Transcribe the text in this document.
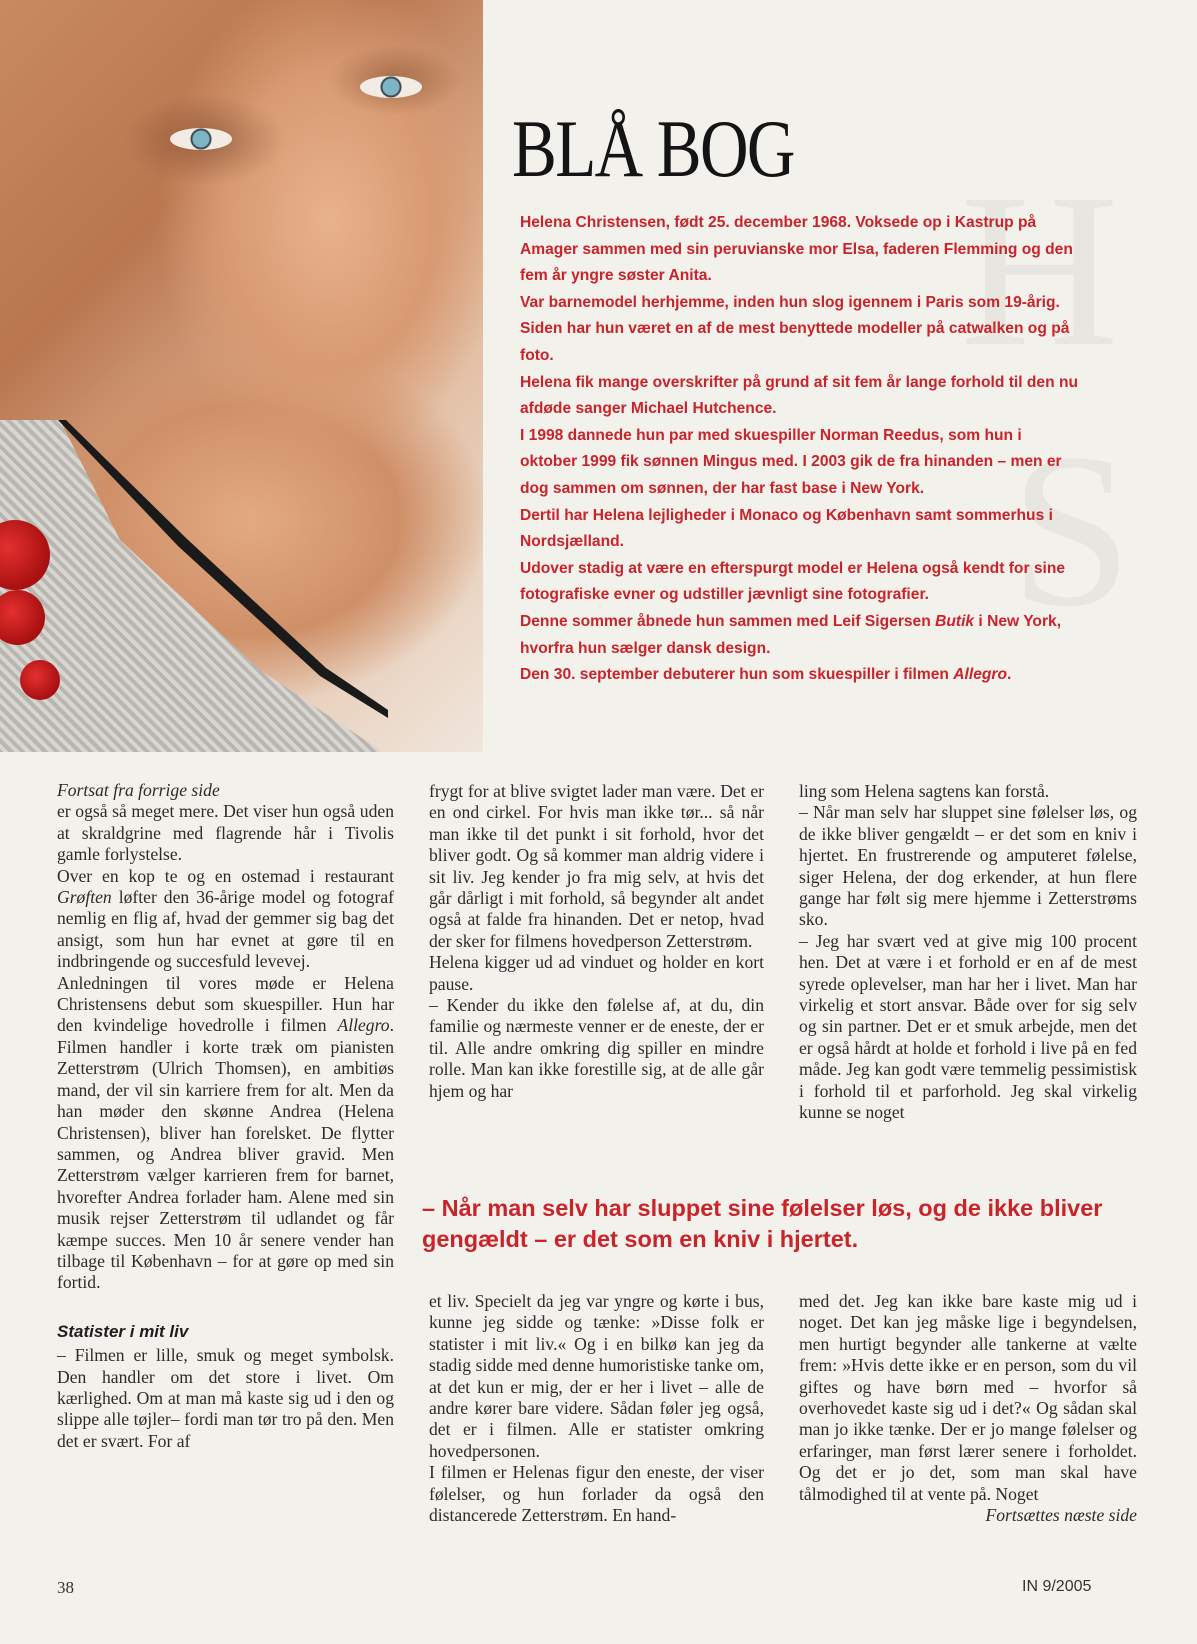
BLÅ BOG

Helena Christensen, født 25. december 1968. Voksede op i Kastrup på Amager sammen med sin peruvianske mor Elsa, faderen Flemming og den fem år yngre søster Anita.

Var barnemodel herhjemme, inden hun slog igennem i Paris som 19-årig. Siden har hun været en af de mest benyttede modeller på catwalken og på foto.

Helena fik mange overskrifter på grund af sit fem år lange forhold til den nu afdøde sanger Michael Hutchence.

I 1998 dannede hun par med skuespiller Norman Reedus, som hun i oktober 1999 fik sønnen Mingus med. I 2003 gik de fra hinanden – men er dog sammen om sønnen, der har fast base i New York.

Dertil har Helena lejligheder i Monaco og København samt sommerhus i Nordsjælland.

Udover stadig at være en efterspurgt model er Helena også kendt for sine fotografiske evner og udstiller jævnligt sine fotografier.

Denne sommer åbnede hun sammen med Leif Sigersen Butik i New York, hvorfra hun sælger dansk design.

Den 30. september debuterer hun som skuespiller i filmen Allegro.

Fortsat fra forrige side

er også så meget mere. Det viser hun også uden at skraldgrine med flagrende hår i Tivolis gamle forlystelse.

Over en kop te og en ostemad i restaurant Grøften løfter den 36-årige model og fotograf nemlig en flig af, hvad der gemmer sig bag det ansigt, som hun har evnet at gøre til en indbringende og succesfuld levevej.

Anledningen til vores møde er Helena Christensens debut som skuespiller. Hun har den kvindelige hovedrolle i filmen Allegro. Filmen handler i korte træk om pianisten Zetterstrøm (Ulrich Thomsen), en ambitiøs mand, der vil sin karriere frem for alt. Men da han møder den skønne Andrea (Helena Christensen), bliver han forelsket. De flytter sammen, og Andrea bliver gravid. Men Zetterstrøm vælger karrieren frem for barnet, hvorefter Andrea forlader ham. Alene med sin musik rejser Zetterstrøm til udlandet og får kæmpe succes. Men 10 år senere vender han tilbage til København – for at gøre op med sin fortid.

Statister i mit liv

– Filmen er lille, smuk og meget symbolsk. Den handler om det store i livet. Om kærlighed. Om at man må kaste sig ud i den og slippe alle tøjler– fordi man tør tro på den. Men det er svært. For af

frygt for at blive svigtet lader man være. Det er en ond cirkel. For hvis man ikke tør... så når man ikke til det punkt i sit forhold, hvor det bliver godt. Og så kommer man aldrig videre i sit liv. Jeg kender jo fra mig selv, at hvis det går dårligt i mit forhold, så begynder alt andet også at falde fra hinanden. Det er netop, hvad der sker for filmens hovedperson Zetterstrøm.

Helena kigger ud ad vinduet og holder en kort pause.

– Kender du ikke den følelse af, at du, din familie og nærmeste venner er de eneste, der er til. Alle andre omkring dig spiller en mindre rolle. Man kan ikke forestille sig, at de alle går hjem og har

ling som Helena sagtens kan forstå.

– Når man selv har sluppet sine følelser løs, og de ikke bliver gengældt – er det som en kniv i hjertet. En frustrerende og amputeret følelse, siger Helena, der dog erkender, at hun flere gange har følt sig mere hjemme i Zetterstrøms sko.

– Jeg har svært ved at give mig 100 procent hen. Det at være i et forhold er en af de mest syrede oplevelser, man har her i livet. Man har virkelig et stort ansvar. Både over for sig selv og sin partner. Det er et smuk arbejde, men det er også hårdt at holde et forhold i live på en fed måde. Jeg kan godt være temmelig pessimistisk i forhold til et parforhold. Jeg skal virkelig kunne se noget

– Når man selv har sluppet sine følelser løs, og de ikke bliver gengældt – er det som en kniv i hjertet.

et liv. Specielt da jeg var yngre og kørte i bus, kunne jeg sidde og tænke: »Disse folk er statister i mit liv.« Og i en bilkø kan jeg da stadig sidde med denne humoristiske tanke om, at det kun er mig, der er her i livet – alle de andre kører bare videre. Sådan føler jeg også, det er i filmen. Alle er statister omkring hovedpersonen.

I filmen er Helenas figur den eneste, der viser følelser, og hun forlader da også den distancerede Zetterstrøm. En hand-

med det. Jeg kan ikke bare kaste mig ud i noget. Det kan jeg måske lige i begyndelsen, men hurtigt begynder alle tankerne at vælte frem: »Hvis dette ikke er en person, som du vil giftes og have børn med – hvorfor så overhovedet kaste sig ud i det?« Og sådan skal man jo ikke tænke. Der er jo mange følelser og erfaringer, man først lærer senere i forholdet. Og det er jo det, som man skal have tålmodighed til at vente på. Noget

Fortsættes næste side

38	IN 9/2005
